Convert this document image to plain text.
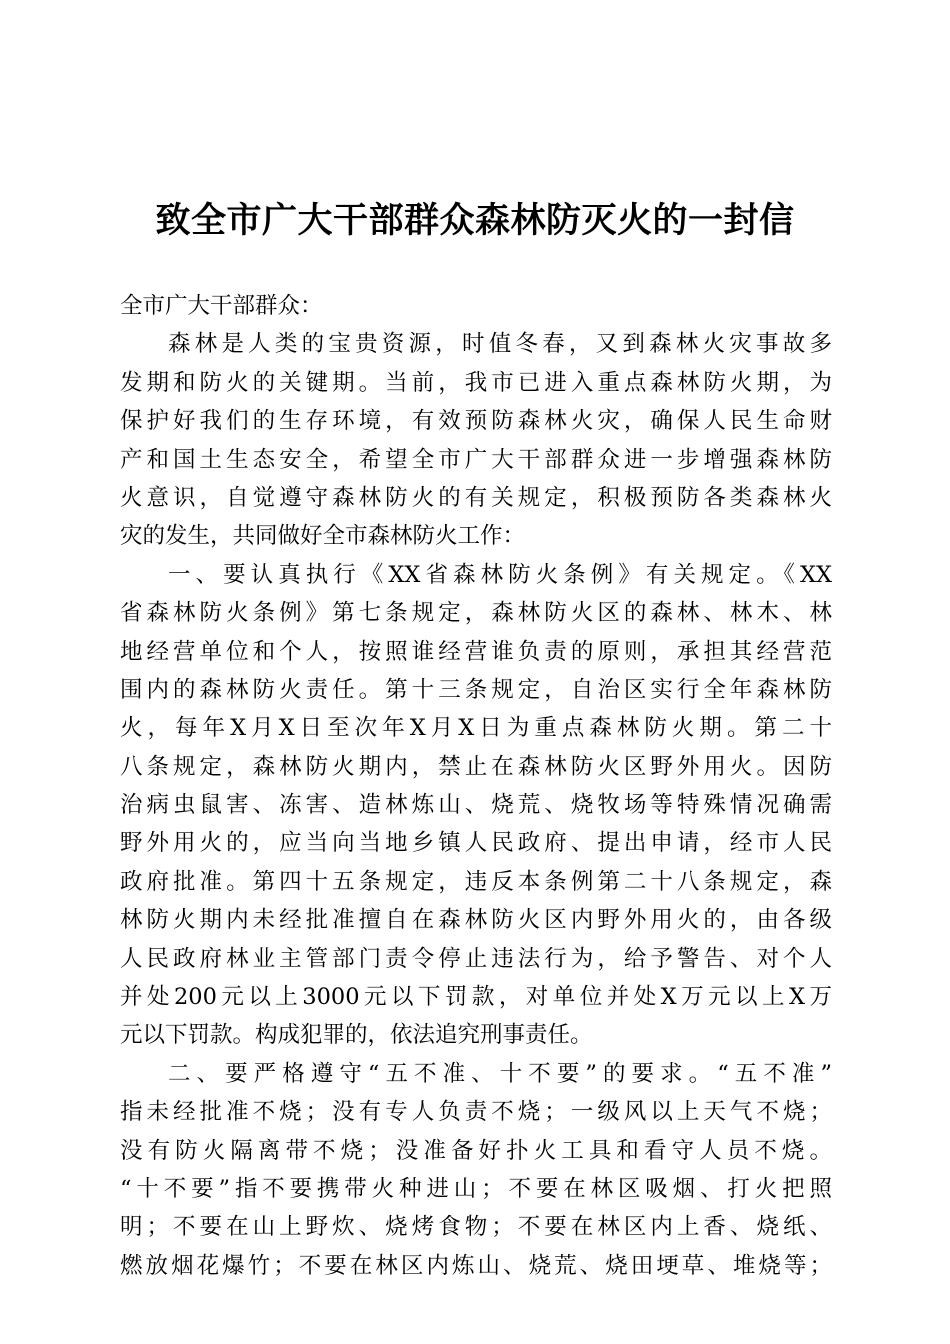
致全市广大干部群众森林防灭火的一封信
全市广大干部群众：
森林是人类的宝贵资源，时值冬春，又到森林火灾事故多
发期和防火的关键期。当前，我市已进入重点森林防火期，为
保护好我们的生存环境，有效预防森林火灾，确保人民生命财
产和国土生态安全，希望全市广大干部群众进一步增强森林防
火意识，自觉遵守森林防火的有关规定，积极预防各类森林火
灾的发生，共同做好全市森林防火工作：
一、要认真执行《XX省森林防火条例》有关规定。《XX
省森林防火条例》第七条规定，森林防火区的森林、林木、林
地经营单位和个人，按照谁经营谁负责的原则，承担其经营范
围内的森林防火责任。第十三条规定，自治区实行全年森林防
火，每年X月X日至次年X月X日为重点森林防火期。第二十
八条规定，森林防火期内，禁止在森林防火区野外用火。因防
治病虫鼠害、冻害、造林炼山、烧荒、烧牧场等特殊情况确需
野外用火的，应当向当地乡镇人民政府、提出申请，经市人民
政府批准。第四十五条规定，违反本条例第二十八条规定，森
林防火期内未经批准擅自在森林防火区内野外用火的，由各级
人民政府林业主管部门责令停止违法行为，给予警告、对个人
并处200元以上3000元以下罚款，对单位并处X万元以上X万
元以下罚款。构成犯罪的，依法追究刑事责任。
二、要严格遵守“五不准、十不要”的要求。“五不准”
指未经批准不烧；没有专人负责不烧；一级风以上天气不烧；
没有防火隔离带不烧；没准备好扑火工具和看守人员不烧。
“十不要”指不要携带火种进山；不要在林区吸烟、打火把照
明；不要在山上野炊、烧烤食物；不要在林区内上香、烧纸、
燃放烟花爆竹；不要在林区内炼山、烧荒、烧田埂草、堆烧等；
